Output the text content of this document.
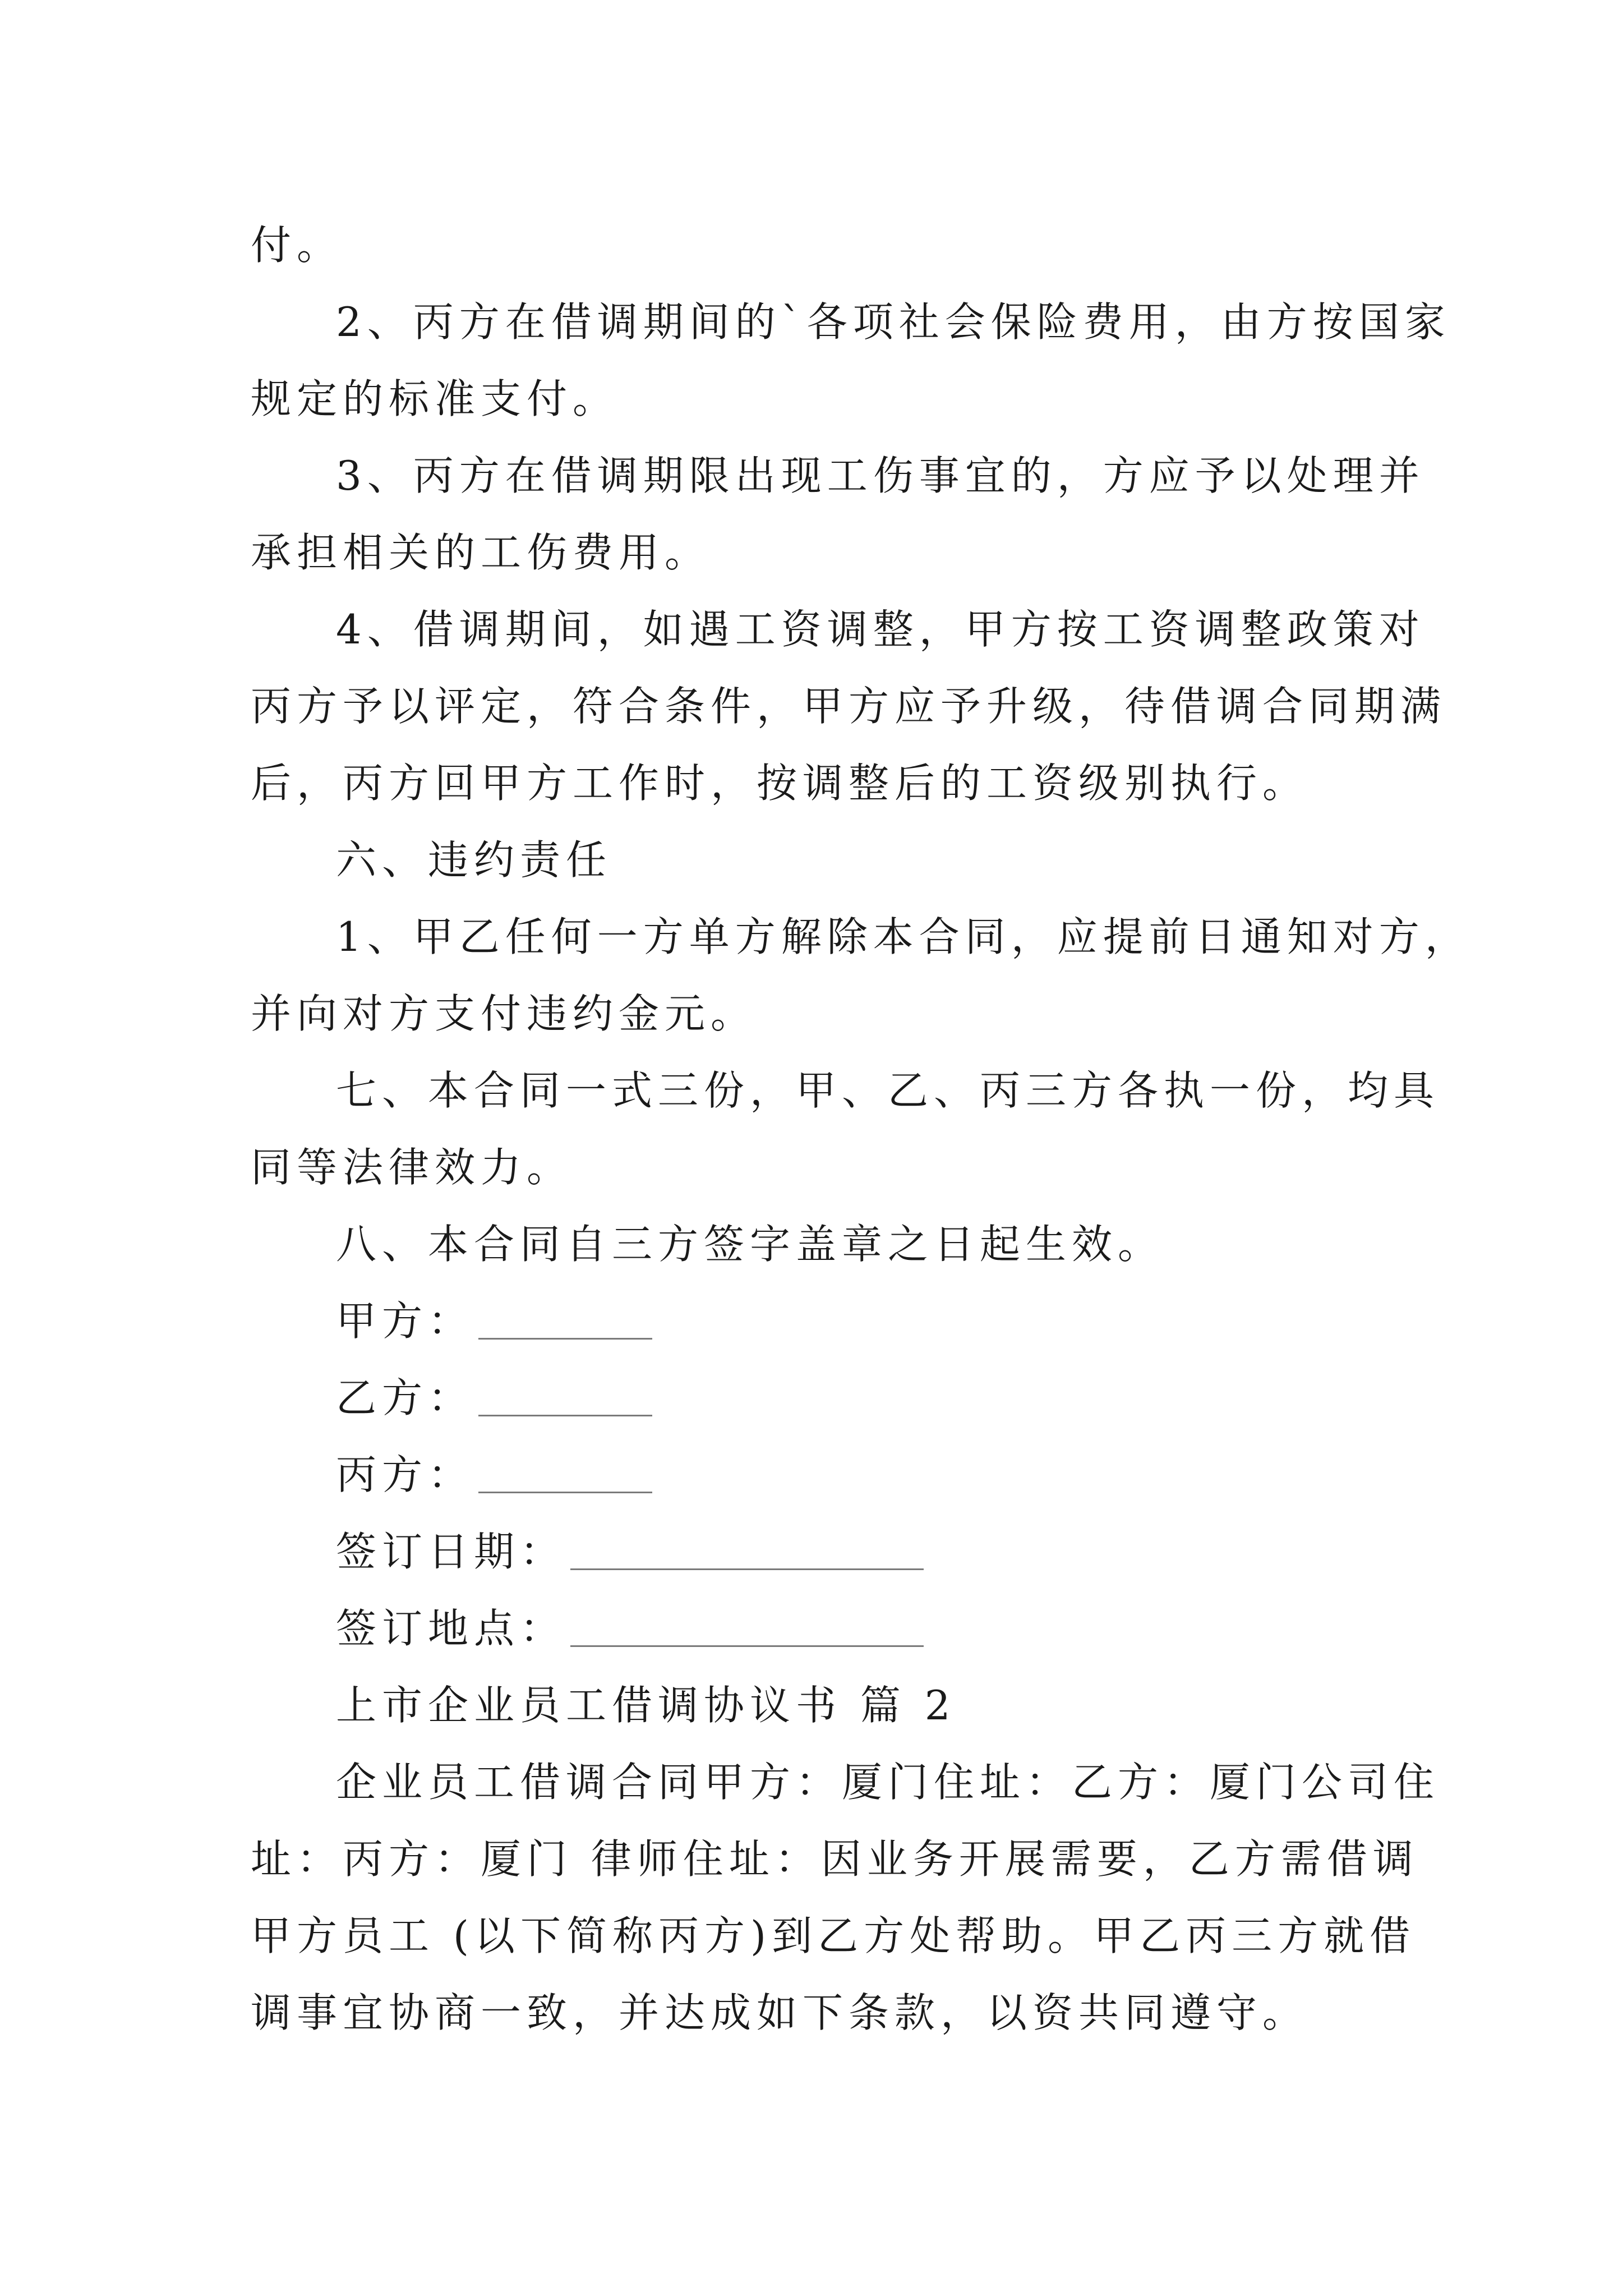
付。
2、丙方在借调期间的`各项社会保险费用，由方按国家
规定的标准支付。
3、丙方在借调期限出现工伤事宜的，方应予以处理并
承担相关的工伤费用。
4、借调期间，如遇工资调整，甲方按工资调整政策对
丙方予以评定，符合条件，甲方应予升级，待借调合同期满
后，丙方回甲方工作时，按调整后的工资级别执行。
六、违约责任
1、甲乙任何一方单方解除本合同，应提前日通知对方，
并向对方支付违约金元。
七、本合同一式三份，甲、乙、丙三方各执一份，均具
同等法律效力。
八、本合同自三方签字盖章之日起生效。
甲方：
乙方：
丙方：
签订日期：
签订地点：
上市企业员工借调协议书 篇 2
企业员工借调合同甲方：厦门住址：乙方：厦门公司住
址：丙方：厦门 律师住址：因业务开展需要，乙方需借调
甲方员工 (以下简称丙方)到乙方处帮助。甲乙丙三方就借
调事宜协商一致，并达成如下条款，以资共同遵守。
